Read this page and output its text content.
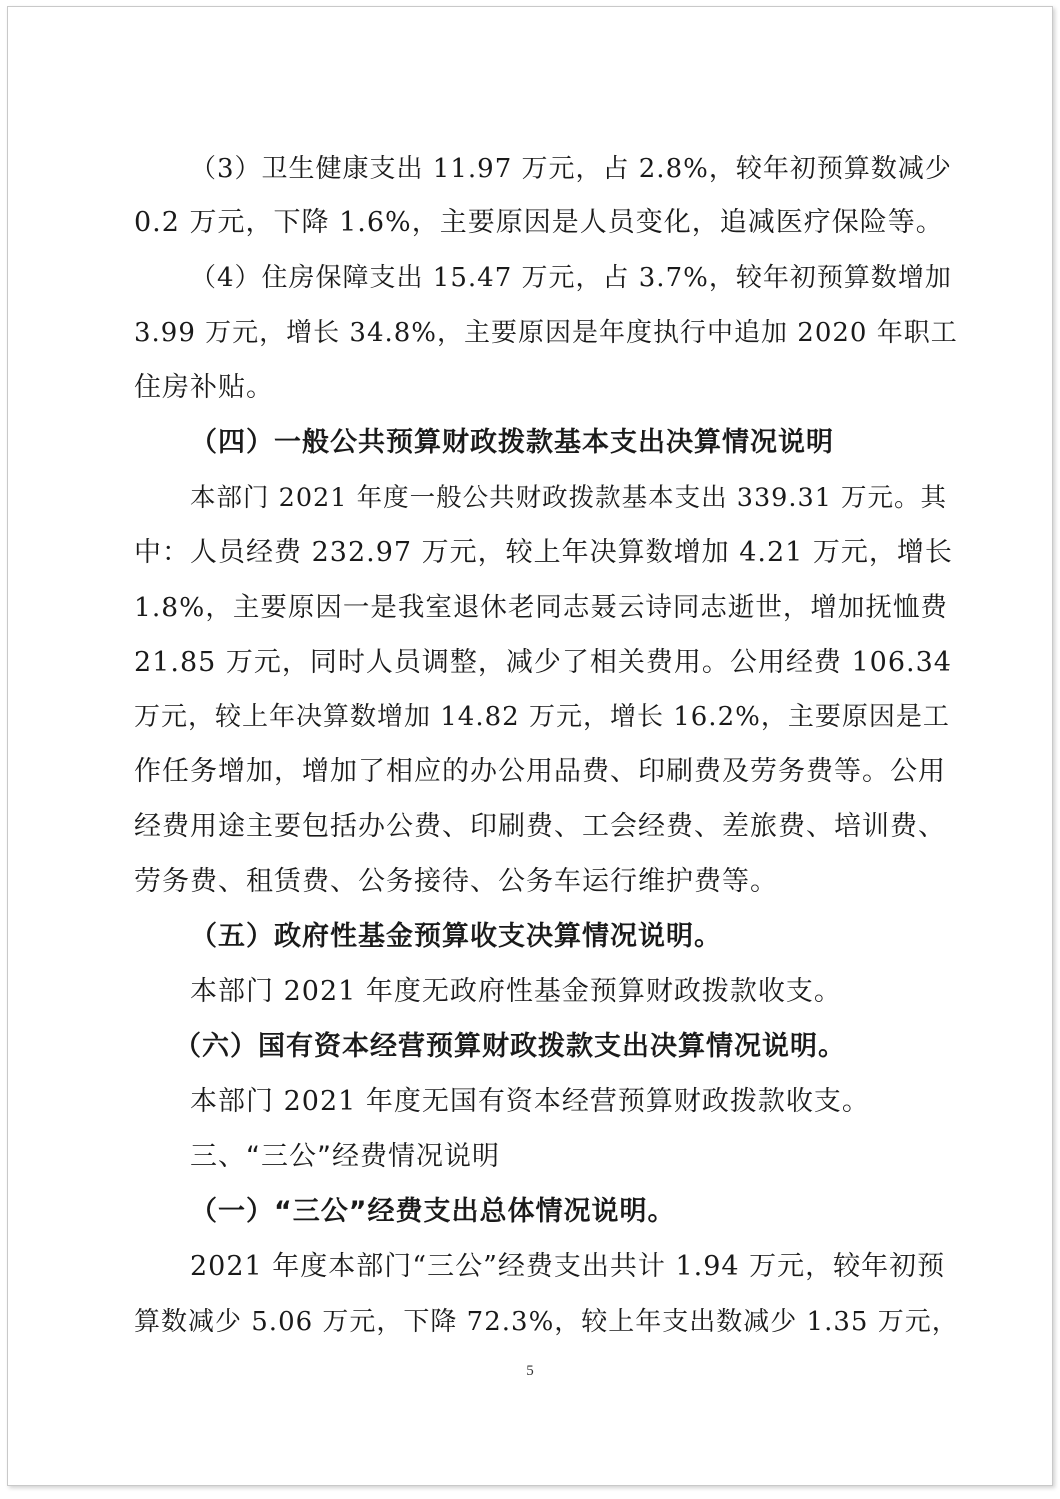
（3）卫生健康支出 11.97 万元，占 2.8%，较年初预算数减少
0.2 万元，下降 1.6%，主要原因是人员变化，追减医疗保险等。
（4）住房保障支出 15.47 万元，占 3.7%，较年初预算数增加
3.99 万元，增长 34.8%，主要原因是年度执行中追加 2020 年职工
住房补贴。
（四）一般公共预算财政拨款基本支出决算情况说明
本部门 2021 年度一般公共财政拨款基本支出 339.31 万元。其
中：人员经费 232.97 万元，较上年决算数增加 4.21 万元，增长
1.8%，主要原因一是我室退休老同志聂云诗同志逝世，增加抚恤费
21.85 万元，同时人员调整，减少了相关费用。公用经费 106.34
万元，较上年决算数增加 14.82 万元，增长 16.2%，主要原因是工
作任务增加，增加了相应的办公用品费、印刷费及劳务费等。公用
经费用途主要包括办公费、印刷费、工会经费、差旅费、培训费、
劳务费、租赁费、公务接待、公务车运行维护费等。
（五）政府性基金预算收支决算情况说明。
本部门 2021 年度无政府性基金预算财政拨款收支。
（六）国有资本经营预算财政拨款支出决算情况说明。
本部门 2021 年度无国有资本经营预算财政拨款收支。
三、“三公”经费情况说明
（一）“三公”经费支出总体情况说明。
2021 年度本部门“三公”经费支出共计 1.94 万元，较年初预
算数减少 5.06 万元，下降 72.3%，较上年支出数减少 1.35 万元，
5
